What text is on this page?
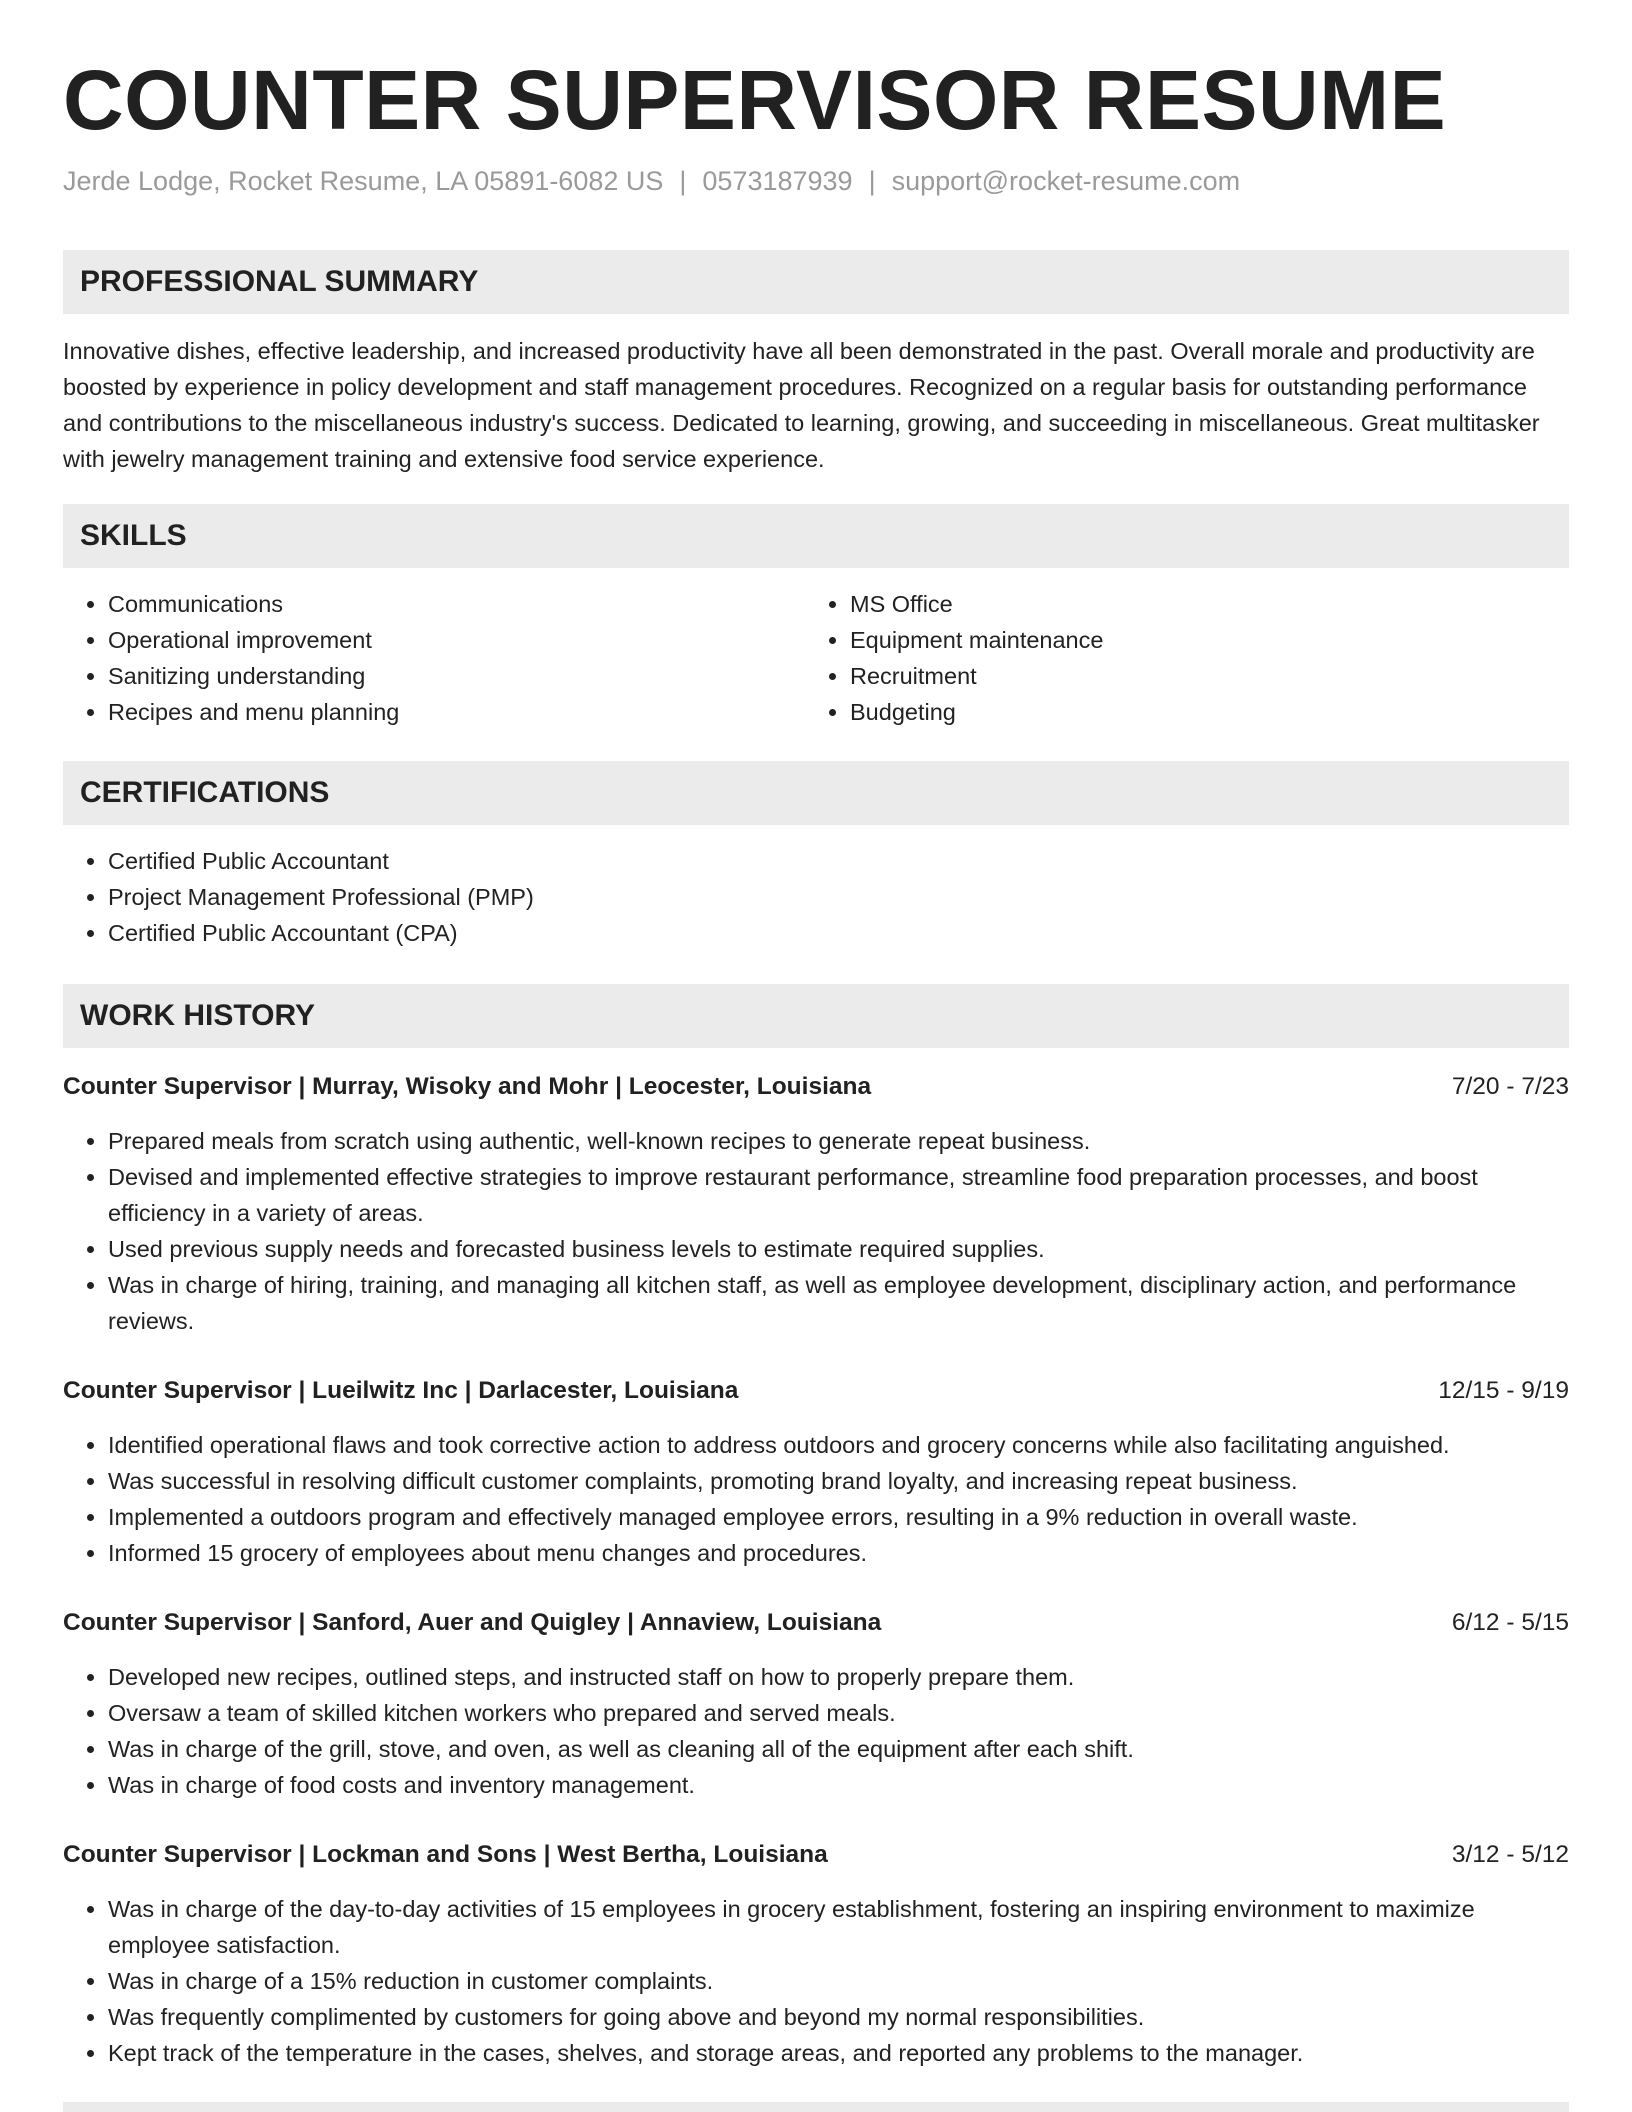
COUNTER SUPERVISOR RESUME
Jerde Lodge, Rocket Resume, LA 05891-6082 US | 0573187939 | support@rocket-resume.com
PROFESSIONAL SUMMARY

Innovative dishes, effective leadership, and increased productivity have all been demonstrated in the past. Overall morale and productivity are boosted by experience in policy development and staff management procedures. Recognized on a regular basis for outstanding performance and contributions to the miscellaneous industry's success. Dedicated to learning, growing, and succeeding in miscellaneous. Great multitasker with jewelry management training and extensive food service experience.

SKILLS
• Communications
• Operational improvement
• Sanitizing understanding
• Recipes and menu planning
• MS Office
• Equipment maintenance
• Recruitment
• Budgeting
CERTIFICATIONS
• Certified Public Accountant
• Project Management Professional (PMP)
• Certified Public Accountant (CPA)
WORK HISTORY
Counter Supervisor | Murray, Wisoky and Mohr | Leocester, Louisiana	7/20 - 7/23
• Prepared meals from scratch using authentic, well-known recipes to generate repeat business.
• Devised and implemented effective strategies to improve restaurant performance, streamline food preparation processes, and boost efficiency in a variety of areas.
• Used previous supply needs and forecasted business levels to estimate required supplies.
• Was in charge of hiring, training, and managing all kitchen staff, as well as employee development, disciplinary action, and performance reviews.
Counter Supervisor | Lueilwitz Inc | Darlacester, Louisiana	12/15 - 9/19
• Identified operational flaws and took corrective action to address outdoors and grocery concerns while also facilitating anguished.
• Was successful in resolving difficult customer complaints, promoting brand loyalty, and increasing repeat business.
• Implemented a outdoors program and effectively managed employee errors, resulting in a 9% reduction in overall waste.
• Informed 15 grocery of employees about menu changes and procedures.
Counter Supervisor | Sanford, Auer and Quigley | Annaview, Louisiana	6/12 - 5/15
• Developed new recipes, outlined steps, and instructed staff on how to properly prepare them.
• Oversaw a team of skilled kitchen workers who prepared and served meals.
• Was in charge of the grill, stove, and oven, as well as cleaning all of the equipment after each shift.
• Was in charge of food costs and inventory management.
Counter Supervisor | Lockman and Sons | West Bertha, Louisiana	3/12 - 5/12
• Was in charge of the day-to-day activities of 15 employees in grocery establishment, fostering an inspiring environment to maximize employee satisfaction.
• Was in charge of a 15% reduction in customer complaints.
• Was frequently complimented by customers for going above and beyond my normal responsibilities.
• Kept track of the temperature in the cases, shelves, and storage areas, and reported any problems to the manager.
